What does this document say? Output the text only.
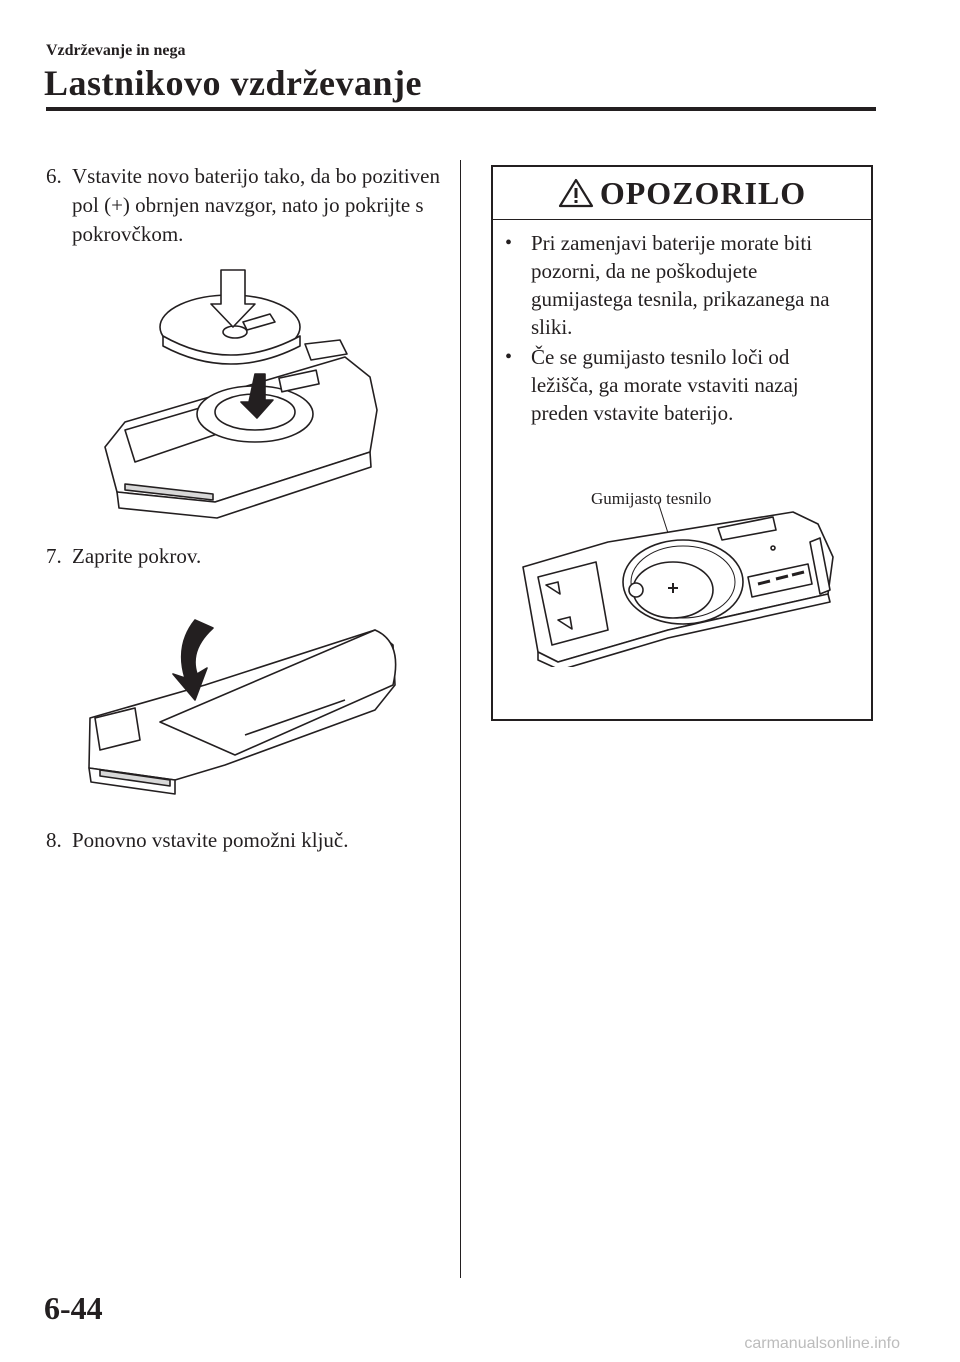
Vzdrževanje in nega
Lastnikovo vzdrževanje
6. Vstavite novo baterijo tako, da bo pozitiven pol (+) obrnjen navzgor, nato jo pokrijte s pokrovčkom.
7. Zaprite pokrov.
8. Ponovno vstavite pomožni ključ.
OPOZORILO
• Pri zamenjavi baterije morate biti pozorni, da ne poškodujete gumijastega tesnila, prikazanega na sliki.
• Če se gumijasto tesnilo loči od ležišča, ga morate vstaviti nazaj preden vstavite baterijo.
Gumijasto tesnilo
6-44
carmanualsonline.info
